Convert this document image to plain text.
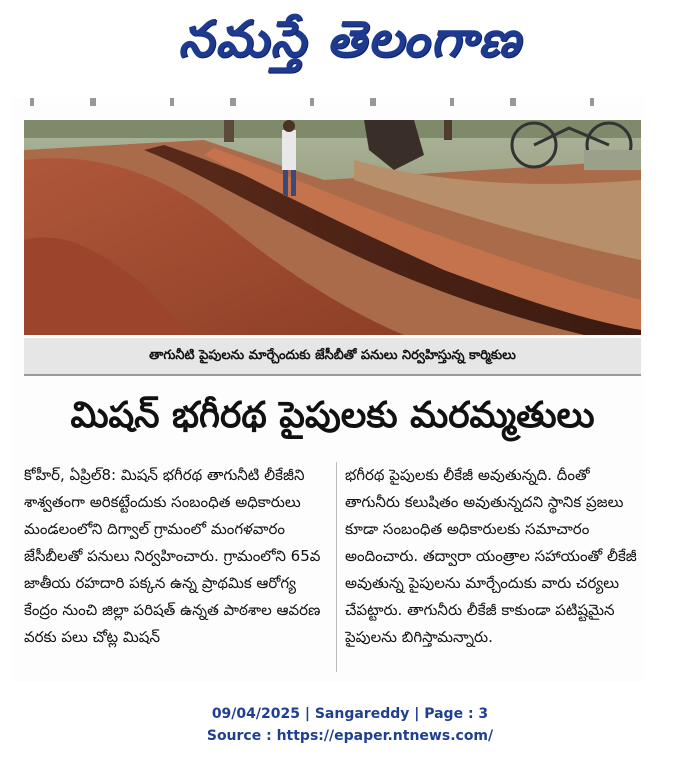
నమస్తే తెలంగాణ
తాగునీటి పైపులను మార్చేందుకు జేసీబీతో పనులు నిర్వహిస్తున్న కార్మికులు
మిషన్ భగీరథ పైపులకు మరమ్మతులు
కోహీర్, ఏప్రిల్8: మిషన్ భగీరథ తాగునీటి లీకేజీని శాశ్వతంగా అరికట్టేందుకు సంబంధిత అధికారులు మండలంలోని దిగ్వాల్ గ్రామంలో మంగళవారం జేసీబీలతో పనులు నిర్వహించారు. గ్రామంలోని 65వ జాతీయ రహదారి పక్కన ఉన్న ప్రాథమిక ఆరోగ్య కేంద్రం నుంచి జిల్లా పరిషత్ ఉన్నత పాఠశాల ఆవరణ వరకు పలు చోట్ల మిషన్
భగీరథ పైపులకు లీకేజీ అవుతున్నది. దీంతో తాగునీరు కలుషితం అవుతున్నదని స్థానిక ప్రజలు కూడా సంబంధిత అధికారులకు సమాచారం అందించారు. తద్వారా యంత్రాల సహాయంతో లీకేజీ అవుతున్న పైపులను మార్చేందుకు వారు చర్యలు చేపట్టారు. తాగునీరు లీకేజీ కాకుండా పటిష్టమైన పైపులను బిగిస్తామన్నారు.
09/04/2025 | Sangareddy | Page : 3
Source : https://epaper.ntnews.com/
